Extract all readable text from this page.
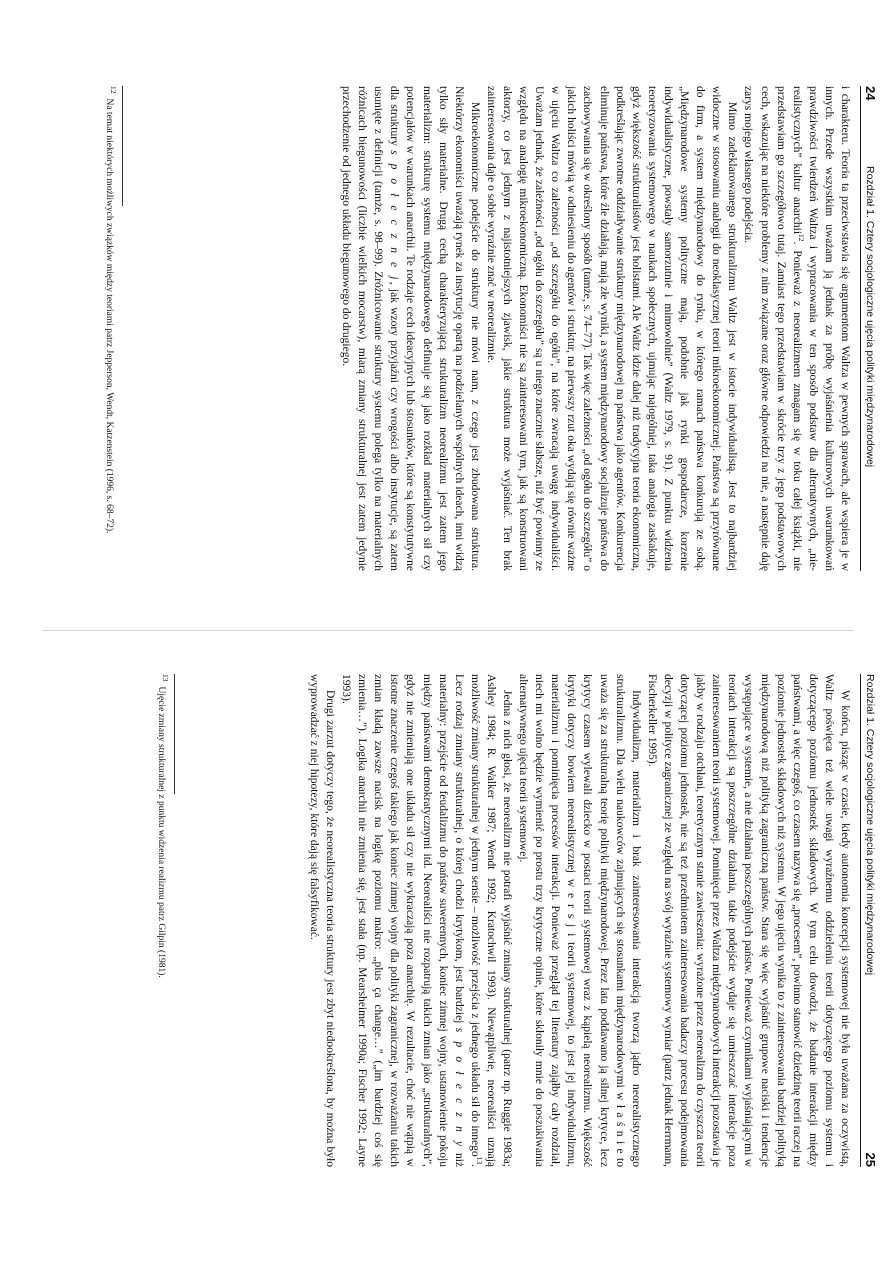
24
Rozdział 1. Cztery socjologiczne ujęcia polityki międzynarodowej

i charakteru. Teoria ta przeciwstawia się argumentom Waltza w pewnych sprawach, ale wspiera je w innych. Przede wszystkim uważam ją jednak za próbę wyjaśnienia kulturowych uwarunkowań prawdziwości twierdzeń Waltza i wypracowania w ten sposób podstaw dla alternatywnych, „nie-realistycznych” kultur anarchii$^{12}$. Ponieważ z neorealizmem zmagam się w toku całej książki, nie przedstawiam go szczegółowo tutaj. Zamiast tego przedstawiam w skrócie trzy z jego podstawowych cech, wskazując na niektóre problemy z nim związane oraz główne odpowiedzi na nie, a następnie daję zarys mojego własnego podejścia.

Mimo zadeklarowanego strukturalizmu Waltz jest w istocie indywidualistą. Jest to najbardziej widoczne w stosowaniu analogii do neoklasycznej teorii mikroekonomicznej. Państwa są przyrównane do firm, a system międzynarodowy do rynku, w którego ramach państwa konkurują ze sobą. „Międzynarodowe systemy polityczne mają, podobnie jak rynki gospodarcze, korzenie indywidualistyczne, powstały samorzutnie i mimowolnie” (Waltz 1979, s. 91). Z punktu widzenia teoretyzowania systemowego w naukach społecznych, ujmując najogólniej, taka analogia zaskakuje, gdyż większość strukturalistów jest holistami. Ale Waltz idzie dalej niż tradycyjna teoria ekonomiczna, podkreślając zwrotne oddziaływanie struktury międzynarodowej na państwa jako agentów. Konkurencja eliminuje państwa, które źle działają, mają złe wyniki, a system międzynarodowy socjalizuje państwa do zachowywania się w określony sposób (tamże, s. 74–77). Tak więc zależności „od ogółu do szczegółu” o jakich holiści mówią w odniesieniu do agentów i struktur, na pierwszy rzut oka wydają się równie ważne w ujęciu Waltza co zależności „od szczegółu do ogółu”, na które zwracają uwagę indywidualiści. Uważam jednak, że zależności „od ogółu do szczegółu” są u niego znacznie słabsze, niż być powinny ze względu na analogię mikroekonomiczną. Ekonomiści nie są zainteresowani tym, jak są konstruowani aktorzy, co jest jednym z najistotniejszych zjawisk, jakie struktura może wyjaśniać. Ten brak zainteresowania daje o sobie wyraźnie znać w neorealizmie.

Mikroekonomiczne podejście do struktury nie mówi nam, z czego jest zbudowana struktura. Niektórzy ekonomiści uważają rynek za instytucję opartą na podzielanych wspólnych ideach, inni widzą tylko siły materialne. Drugą cechą charakteryzującą strukturalizm neorealizmu jest zatem jego materializm: strukturę systemu międzynarodowego definiuje się jako rozkład materialnych sił czy potencjałów w warunkach anarchii. Te rodzaje cech ideacyjnych lub stosunków, które są konstytutywne dla struktury s p o ł e c z n e j, jak wzory przyjaźni czy wrogości albo instytucje, są zatem usunięte z definicji (tamże, s. 98–99). Zróżnicowanie struktury systemu polega tylko na materialnych różnicach biegunowości (liczbie wielkich mocarstw), miarą zmiany strukturalnej jest zatem jedynie przechodzenie od jednego układu biegunowego do drugiego.

$^{12}$Na temat niektórych możliwych związków między teoriami patrz Jepperson, Wendt, Katzenstein (1996, s. 68–72).

Rozdział 1. Cztery socjologiczne ujęcia polityki międzynarodowej
25

W końcu, pisząc w czasie, kiedy autonomia koncepcji systemowej nie była uważana za oczywistą, Waltz poświęca też wiele uwagi wyraźnemu oddzieleniu teorii dotyczącego poziomu systemu i dotyczącego poziomu jednostek składowych. W tym celu dowodzi, że badanie interakcji między państwami, a więc czegoś, co czasem nazywa się „procesem”, powinno stanowić dziedzinę teorii raczej na poziomie jednostek składowych niż systemu. W jego ujęciu wynika to z zainteresowania bardziej polityką międzynarodową niż polityką zagraniczną państw. Stara się więc wyjaśnić grupowe naciski i tendencje występujące w systemie, a nie działania poszczególnych państw. Ponieważ czynnikami wyjaśniającymi w teoriach interakcji są poszczególne działania, takie podejście wydaje się umieszczać interakcje poza zainteresowaniem teorii systemowej. Pominięcie przez Waltza międzynarodowych interakcji pozostawia je jakby w rodzaju otchłani, teoretycznym stanie zawieszenia: wyrażone przez neorealizm do czyszcza teorii dotyczącej poziomu jednostek, nie są też przedmiotem zainteresowania badaczy procesu podejmowania decyzji w polityce zagranicznej ze względu na swój wyraźnie systemowy wymiar (patrz jednak Herrmann, Fischerkeller 1995).

Indywidualizm, materializm i brak zainteresowania interakcją tworzą jądro neorealistycznego strukturalizmu. Dla wielu naukowców zajmujących się stosunkami międzynarodowymi w ł a ś n i e to uważa się za strukturalną teorię polityki międzynarodowej. Przez lata poddawano ją silnej krytyce, lecz krytycy czasem wylewali dziecko w postaci teorii systemowej wraz z kąpielą neorealizmu. Większość krytyki dotyczy bowiem neorealistycznej w e r s j i teorii systemowej, to jest jej indywidualizmu, materializmu i pominięcia procesów interakcji. Ponieważ przegląd tej literatury zająłby cały rozdział, niech mi wolno będzie wymienić po prostu trzy krytyczne opinie, które skłoniły mnie do poszukiwania alternatywnego ujęcia teorii systemowej.

Jedna z nich głosi, że neorealizm nie potrafi wyjaśnić zmiany strukturalnej (patrz np. Ruggie 1983a; Ashley 1984; R. Walker 1987; Wendt 1992; Kratochwil 1993). Niewątpliwie, neorealiści uznają możliwość zmiany strukturalnej w jednym sensie – możliwość przejścia z jednego układu sił do innego$^{13}$. Lecz rodzaj zmiany strukturalnej, o której chodzi krytykom, jest bardziej s p o ł e c z n y niż materialny: przejście od feudalizmu do państw suwerennych, koniec zimnej wojny, ustanowienie pokoju między państwami demokratycznymi itd. Neorealiści nie rozpatrują takich zmian jako „strukturalnych”, gdyż nie zmieniają one układu sił czy nie wykraczają poza anarchię. W rezultacie, choć nie wątpią w istotne znaczenie czegoś takiego jak koniec zimnej wojny dla polityki zagranicznej, w rozważaniu takich zmian kładą zawsze nacisk na logikę poziomu makro: „plus ça change…” („im bardziej coś się zmienia…”). Logika anarchii nie zmienia się, jest stała (np. Mearsheimer 1990a; Fischer 1992; Layne 1993).

Drugi zarzut dotyczy tego, że neorealistyczna teoria struktury jest zbyt niedookreślona, by można było wyprowadzać z niej hipotezy, które dają się falsyfikować.

$^{13}$Ujęcie zmiany strukturalnej z punktu widzenia realizmu patrz Gilpin (1981).
